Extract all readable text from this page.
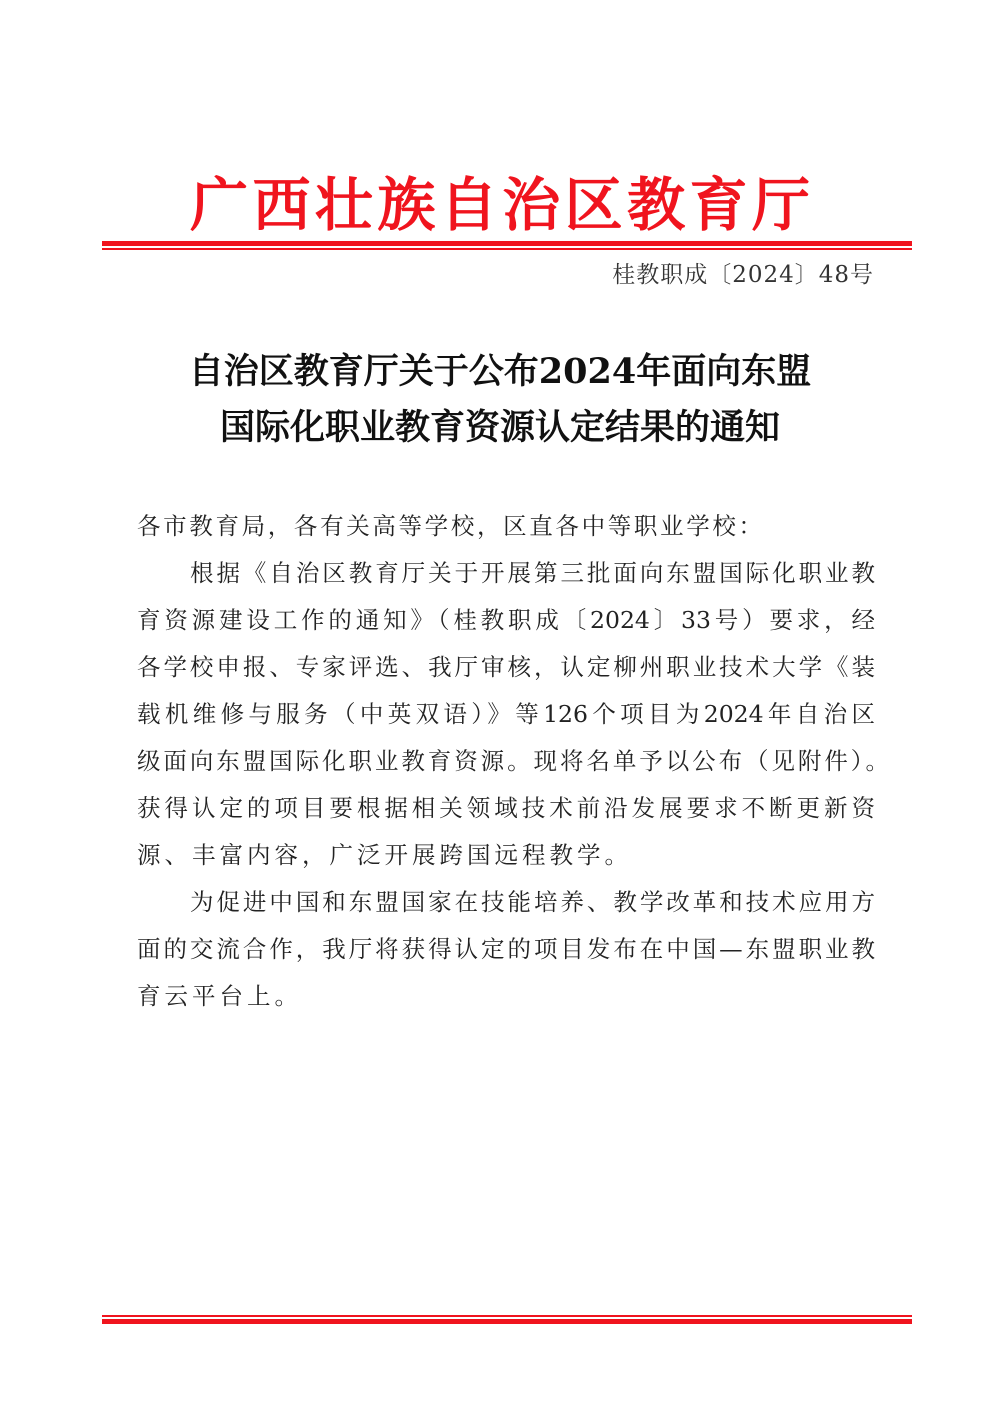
广西壮族自治区教育厅
桂教职成〔2024〕48号
自治区教育厅关于公布2024年面向东盟
国际化职业教育资源认定结果的通知
各市教育局，各有关高等学校，区直各中等职业学校：
根据《自治区教育厅关于开展第三批面向东盟国际化职业教
育资源建设工作的通知》（桂教职成〔2024〕33号）要求，经
各学校申报、专家评选、我厅审核，认定柳州职业技术大学《装
载机维修与服务（中英双语）》等126个项目为2024年自治区
级面向东盟国际化职业教育资源。现将名单予以公布（见附件）。
获得认定的项目要根据相关领域技术前沿发展要求不断更新资
源、丰富内容，广泛开展跨国远程教学。
为促进中国和东盟国家在技能培养、教学改革和技术应用方
面的交流合作，我厅将获得认定的项目发布在中国—东盟职业教
育云平台上。
